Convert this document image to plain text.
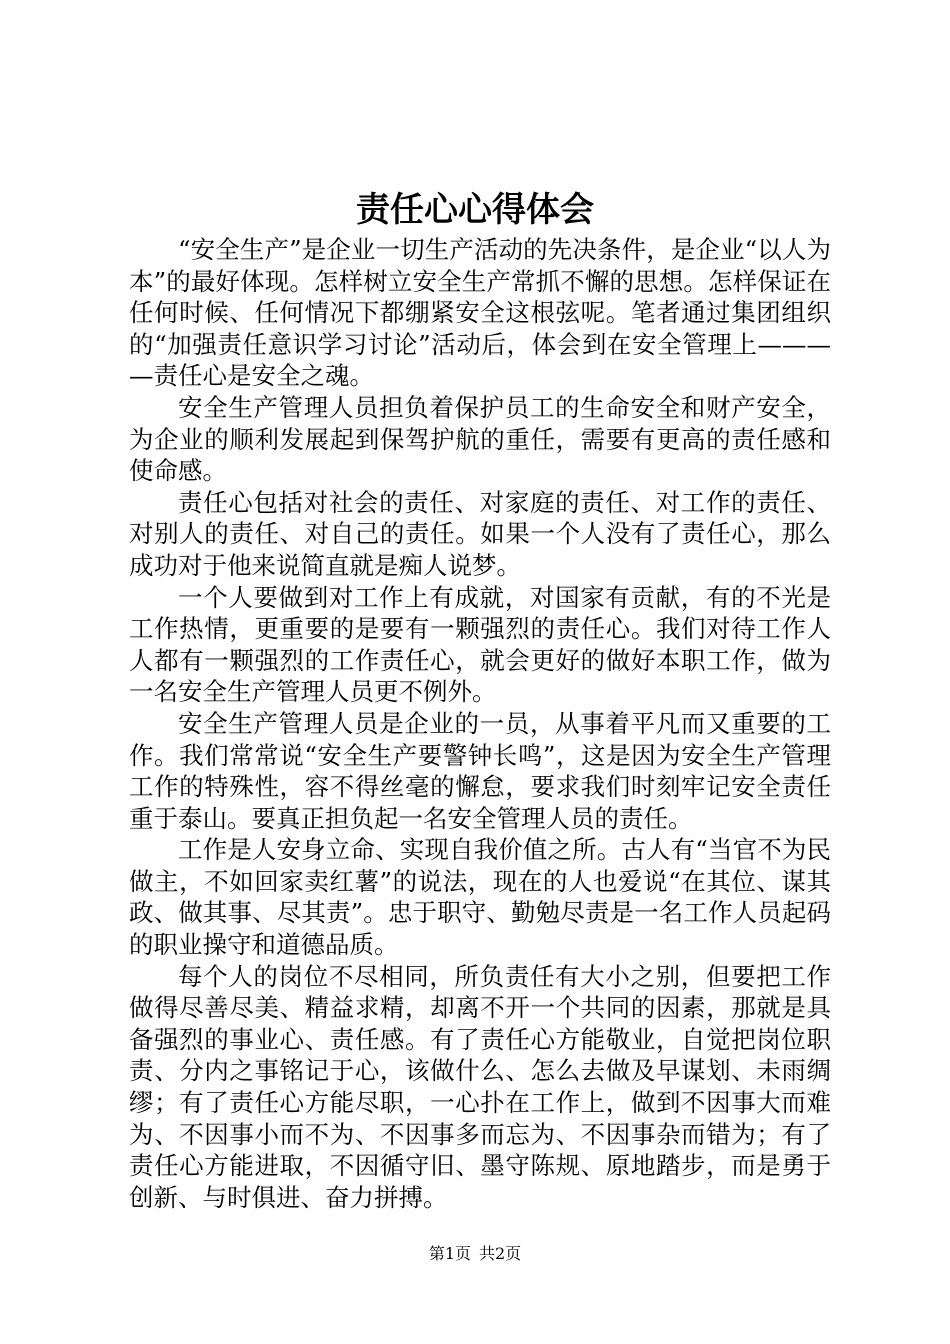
责任心心得体会

“安全生产”是企业一切生产活动的先决条件，是企业“以人为本”的最好体现。怎样树立安全生产常抓不懈的思想。怎样保证在任何时候、任何情况下都绷紧安全这根弦呢。笔者通过集团组织的“加强责任意识学习讨论”活动后，体会到在安全管理上————责任心是安全之魂。

安全生产管理人员担负着保护员工的生命安全和财产安全，为企业的顺利发展起到保驾护航的重任，需要有更高的责任感和使命感。

责任心包括对社会的责任、对家庭的责任、对工作的责任、对别人的责任、对自己的责任。如果一个人没有了责任心，那么成功对于他来说简直就是痴人说梦。

一个人要做到对工作上有成就，对国家有贡献，有的不光是工作热情，更重要的是要有一颗强烈的责任心。我们对待工作人人都有一颗强烈的工作责任心，就会更好的做好本职工作，做为一名安全生产管理人员更不例外。

安全生产管理人员是企业的一员，从事着平凡而又重要的工作。我们常常说“安全生产要警钟长鸣”，这是因为安全生产管理工作的特殊性，容不得丝毫的懈怠，要求我们时刻牢记安全责任重于泰山。要真正担负起一名安全管理人员的责任。

工作是人安身立命、实现自我价值之所。古人有“当官不为民做主，不如回家卖红薯”的说法，现在的人也爱说“在其位、谋其政、做其事、尽其责”。忠于职守、勤勉尽责是一名工作人员起码的职业操守和道德品质。

每个人的岗位不尽相同，所负责任有大小之别，但要把工作做得尽善尽美、精益求精，却离不开一个共同的因素，那就是具备强烈的事业心、责任感。有了责任心方能敬业，自觉把岗位职责、分内之事铭记于心，该做什么、怎么去做及早谋划、未雨绸缪；有了责任心方能尽职，一心扑在工作上，做到不因事大而难为、不因事小而不为、不因事多而忘为、不因事杂而错为；有了责任心方能进取，不因循守旧、墨守陈规、原地踏步，而是勇于创新、与时俱进、奋力拼搏。

第1页 共2页
